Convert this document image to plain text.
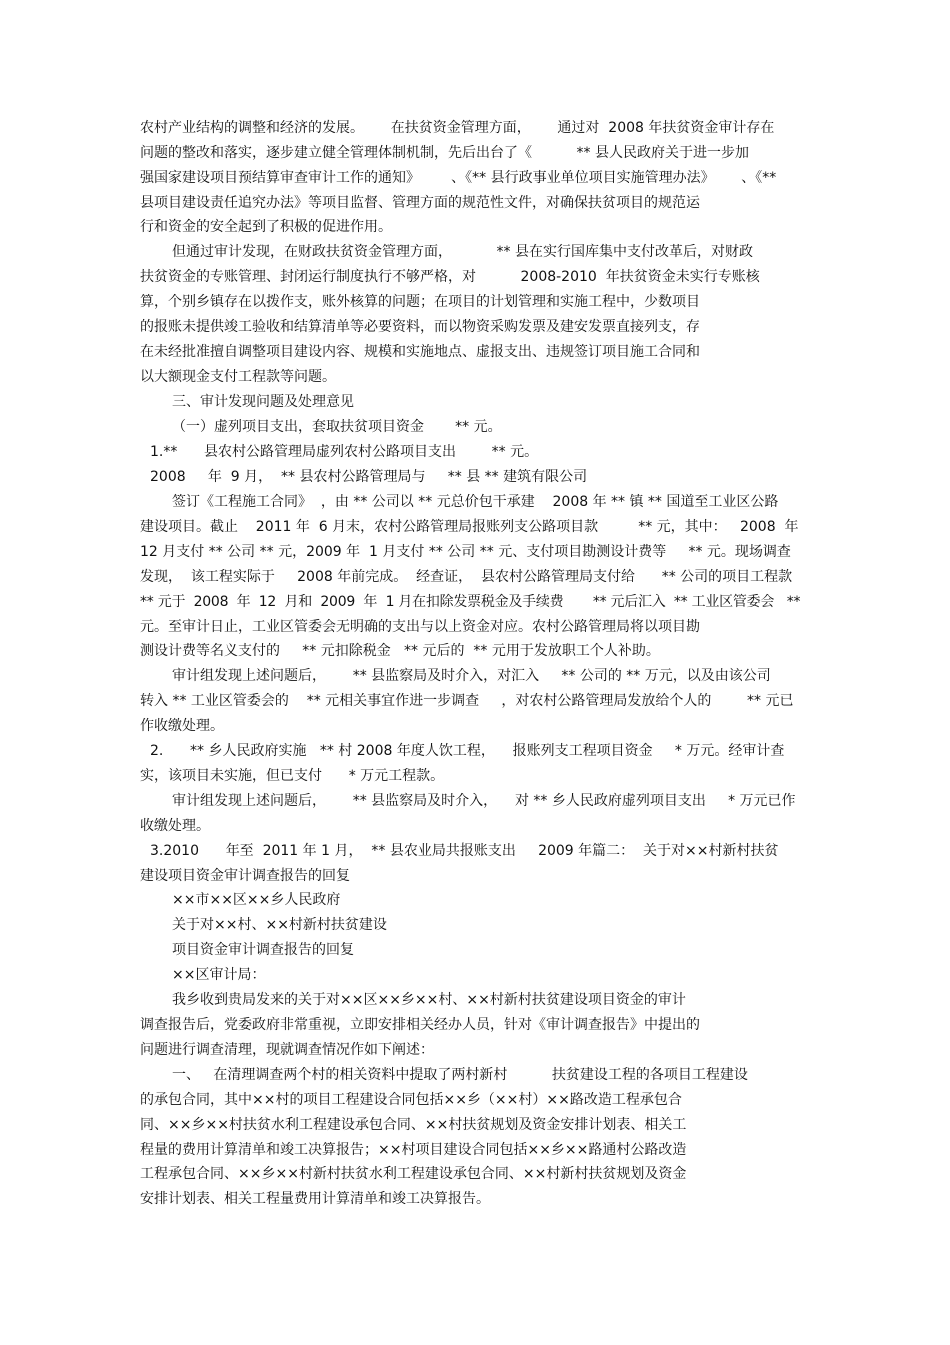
农村产业结构的调整和经济的发展。      在扶贫资金管理方面，      通过对  2008 年扶贫资金审计存在
问题的整改和落实，逐步建立健全管理体制机制，先后出台了《          ** 县人民政府关于进一步加
强国家建设项目预结算审查审计工作的通知》       、《** 县行政事业单位项目实施管理办法》      、《**
县项目建设责任追究办法》等项目监督、管理方面的规范性文件，对确保扶贫项目的规范运
行和资金的安全起到了积极的促进作用。
但通过审计发现，在财政扶贫资金管理方面，          ** 县在实行国库集中支付改革后，对财政
扶贫资金的专账管理、封闭运行制度执行不够严格，对          2008-2010  年扶贫资金未实行专账核
算，个别乡镇存在以拨作支，账外核算的问题；在项目的计划管理和实施工程中，少数项目
的报账未提供竣工验收和结算清单等必要资料，而以物资采购发票及建安发票直接列支，存
在未经批准擅自调整项目建设内容、规模和实施地点、虚报支出、违规签订项目施工合同和
以大额现金支付工程款等问题。
三、审计发现问题及处理意见
（一）虚列项目支出，套取扶贫项目资金       ** 元。
1.**      县农村公路管理局虚列农村公路项目支出        ** 元。
2008     年  9 月，  ** 县农村公路管理局与     ** 县 ** 建筑有限公司
签订《工程施工合同》  ，由 ** 公司以 ** 元总价包干承建    2008 年 ** 镇 ** 国道至工业区公路
建设项目。截止    2011 年  6 月末，农村公路管理局报账列支公路项目款         ** 元，其中：   2008  年
12 月支付 ** 公司 ** 元，2009 年  1 月支付 ** 公司 ** 元、支付项目勘测设计费等     ** 元。现场调查
发现，  该工程实际于     2008 年前完成。  经查证，  县农村公路管理局支付给      ** 公司的项目工程款
** 元于  2008  年  12  月和  2009  年  1 月在扣除发票税金及手续费       ** 元后汇入  ** 工业区管委会   **
元。至审计日止，工业区管委会无明确的支出与以上资金对应。农村公路管理局将以项目勘
测设计费等名义支付的     ** 元扣除税金   ** 元后的  ** 元用于发放职工个人补助。
审计组发现上述问题后，      ** 县监察局及时介入，对汇入     ** 公司的 ** 万元，以及由该公司
转入 ** 工业区管委会的    ** 元相关事宜作进一步调查     ，对农村公路管理局发放给个人的        ** 元已
作收缴处理。
2.      ** 乡人民政府实施   ** 村 2008 年度人饮工程，    报账列支工程项目资金     * 万元。经审计查
实，该项目未实施，但已支付      * 万元工程款。
审计组发现上述问题后，      ** 县监察局及时介入，    对 ** 乡人民政府虚列项目支出     * 万元已作
收缴处理。
3.2010      年至  2011 年 1 月，  ** 县农业局共报账支出     2009 年篇二：  关于对××村新村扶贫
建设项目资金审计调查报告的回复
××市××区××乡人民政府
关于对××村、××村新村扶贫建设
项目资金审计调查报告的回复
××区审计局：
我乡收到贵局发来的关于对××区××乡××村、××村新村扶贫建设项目资金的审计
调查报告后，党委政府非常重视，立即安排相关经办人员，针对《审计调查报告》中提出的
问题进行调查清理，现就调查情况作如下阐述：
一、   在清理调查两个村的相关资料中提取了两村新村          扶贫建设工程的各项目工程建设
的承包合同，其中××村的项目工程建设合同包括××乡（××村）××路改造工程承包合
同、××乡××村扶贫水利工程建设承包合同、××村扶贫规划及资金安排计划表、相关工
程量的费用计算清单和竣工决算报告；××村项目建设合同包括××乡××路通村公路改造
工程承包合同、××乡××村新村扶贫水利工程建设承包合同、××村新村扶贫规划及资金
安排计划表、相关工程量费用计算清单和竣工决算报告。
